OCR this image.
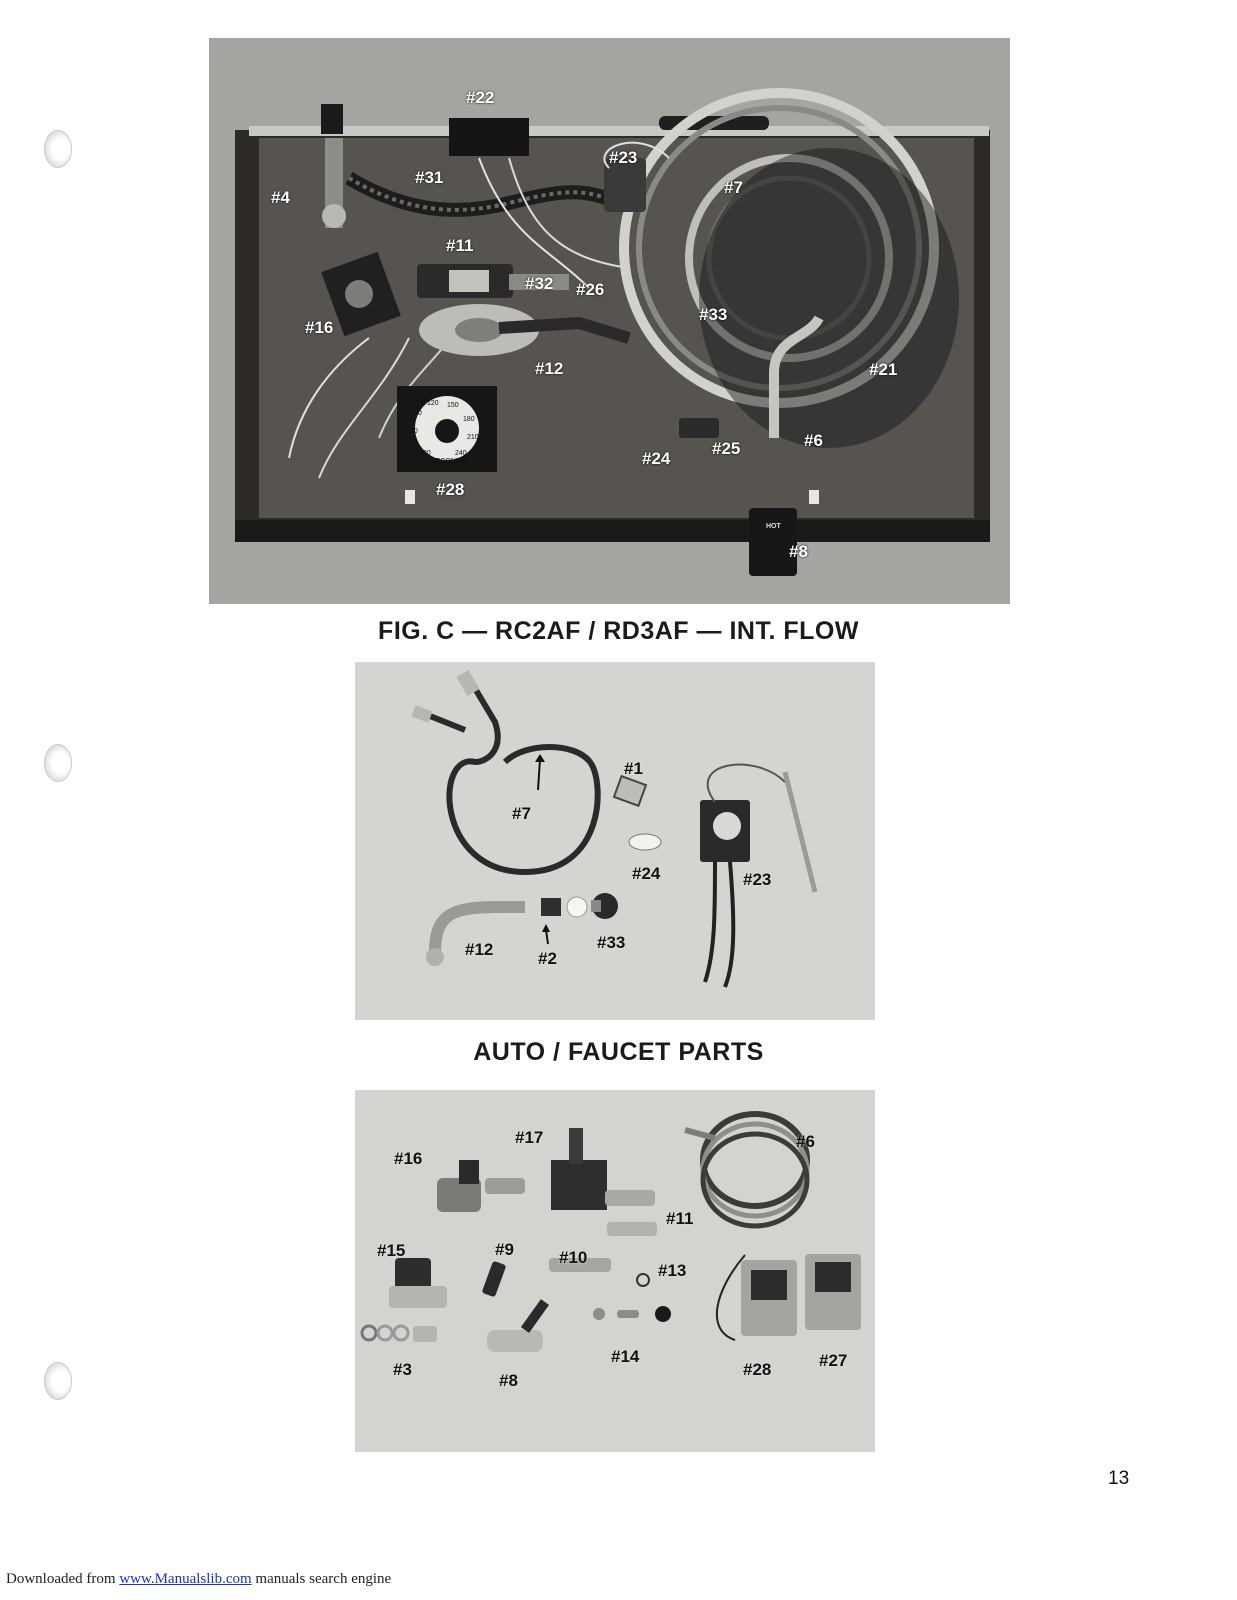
#22
#23
#31
#4
#7
#11
#32 #26
#33
#16
#12	#21
#25	#6
#24
#28
#8
120 150
90
180
60
210
30	240
SECONDS
HOT
FIG. C — RC2AF / RD3AF — INT. FLOW
#1
#7
#24	#23
#12	#2
#33
AUTO / FAUCET PARTS
#17	#6
#16
#11
#15	#9	#10
#13
#14
#3
#8
#28	#27
13
Downloaded from www.Manualslib.com manuals search engine
